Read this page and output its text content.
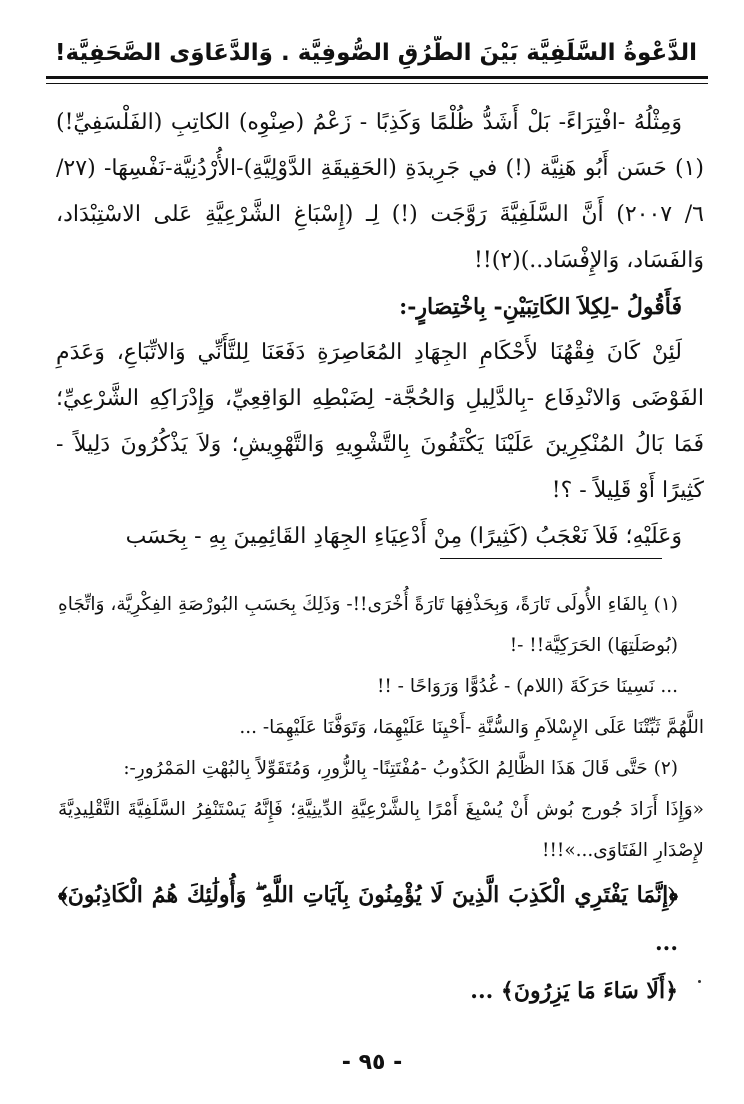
الدَّعْوةُ السَّلَفِيَّة بَيْنَ الطُّرُقِ الصُّوفِيَّة . وَالدَّعَاوَى الصَّحَفِيَّة!

وَمِثْلُهُ -افْتِرَاءً- بَلْ أَشَدُّ ظُلْمًا وَكَذِبًا - زَعْمُ (صِنْوِه) الكاتِبِ (الفَلْسَفِيِّ!)(١) حَسَن أَبُو هَنِيَّة (!) في جَرِيدَةِ (الحَقِيقَةِ الدَّوْلِيَّةِ)-الأُرْدُنِيَّة-نَفْسِهَا- (٢٧/ ٦/ ٢٠٠٧) أَنَّ السَّلَفِيَّةَ رَوَّجَت (!) لِـ (إِسْبَاغِ الشَّرْعِيَّةِ عَلى الاسْتِبْدَاد، وَالفَسَاد، وَالإِفْسَاد..)(٢)!!

فَأَقُولُ -لِكِلاَ الكَاتِبَيْنِ- بِاخْتِصَارٍ-:

لَئِنْ كَانَ فِقْهُنَا لأَحْكَامِ الجِهَادِ المُعَاصِرَةِ دَفَعَنَا لِلتَّأَنِّي وَالاتِّبَاعِ، وَعَدَمِ الفَوْضَى وَالانْدِفَاع -بِالدَّلِيلِ وَالحُجَّة- لِضَبْطِهِ الوَاقِعِيِّ، وَإِدْرَاكِهِ الشَّرْعِيِّ؛ فَمَا بَالُ المُنْكِرِينَ عَلَيْنَا يَكْتَفُونَ بِالتَّشْوِيهِ وَالتَّهْوِيشِ؛ وَلاَ يَذْكُرُونَ دَلِيلاً - كَثِيرًا أَوْ قَلِيلاً - ؟!

وَعَلَيْهِ؛ فَلاَ نَعْجَبُ (كَثِيرًا) مِنْ أَدْعِيَاءِ الجِهَادِ القَائِمِينَ بِهِ - بِحَسَب

(١) بِالفَاءِ الأُولَى تَارَةً، وَبِحَذْفِهَا تَارَةً أُخْرَى!!- وَذَلِكَ بِحَسَبِ البُورْصَةِ الفِكْرِيَّة، وَاتِّجَاهِ (بُوصَلَتِهَا) الحَرَكِيَّة!! -!

... نَسِينَا حَرَكَةَ (اللام) - غُدُوًّا وَرَوَاحًا - !!

اللَّهُمَّ ثَبِّتْنَا عَلَى الإِسْلاَمِ وَالسُّنَّةِ -أَحْيِنَا عَلَيْهِمَا، وَتَوَفَّنَا عَلَيْهِمَا- ...

(٢) حَتَّى قَالَ هَذَا الظَّالِمُ الكَذُوبُ -مُفْتَتِنًا- بِالزُّورِ، وَمُتَقَوِّلاً بِالبُهْتِ المَمْرُورِ-:

«وَإِذَا أَرَادَ جُورج بُوش أَنْ يُسْبِغَ أَمْرًا بِالشَّرْعِيَّةِ الدِّينِيَّةِ؛ فَإِنَّهُ يَسْتَنْفِرُ السَّلَفِيَّةَ التَّقْلِيدِيَّةَ لإِصْدَارِ الفَتَاوَى...»!!!

﴿إِنَّمَا يَفْتَرِي الْكَذِبَ الَّذِينَ لَا يُؤْمِنُونَ بِآيَاتِ اللَّهِ ۖ وَأُولَٰئِكَ هُمُ الْكَاذِبُونَ﴾ ...

﴿أَلَا سَاءَ مَا يَزِرُونَ﴾ ...

- ٩٥ -
